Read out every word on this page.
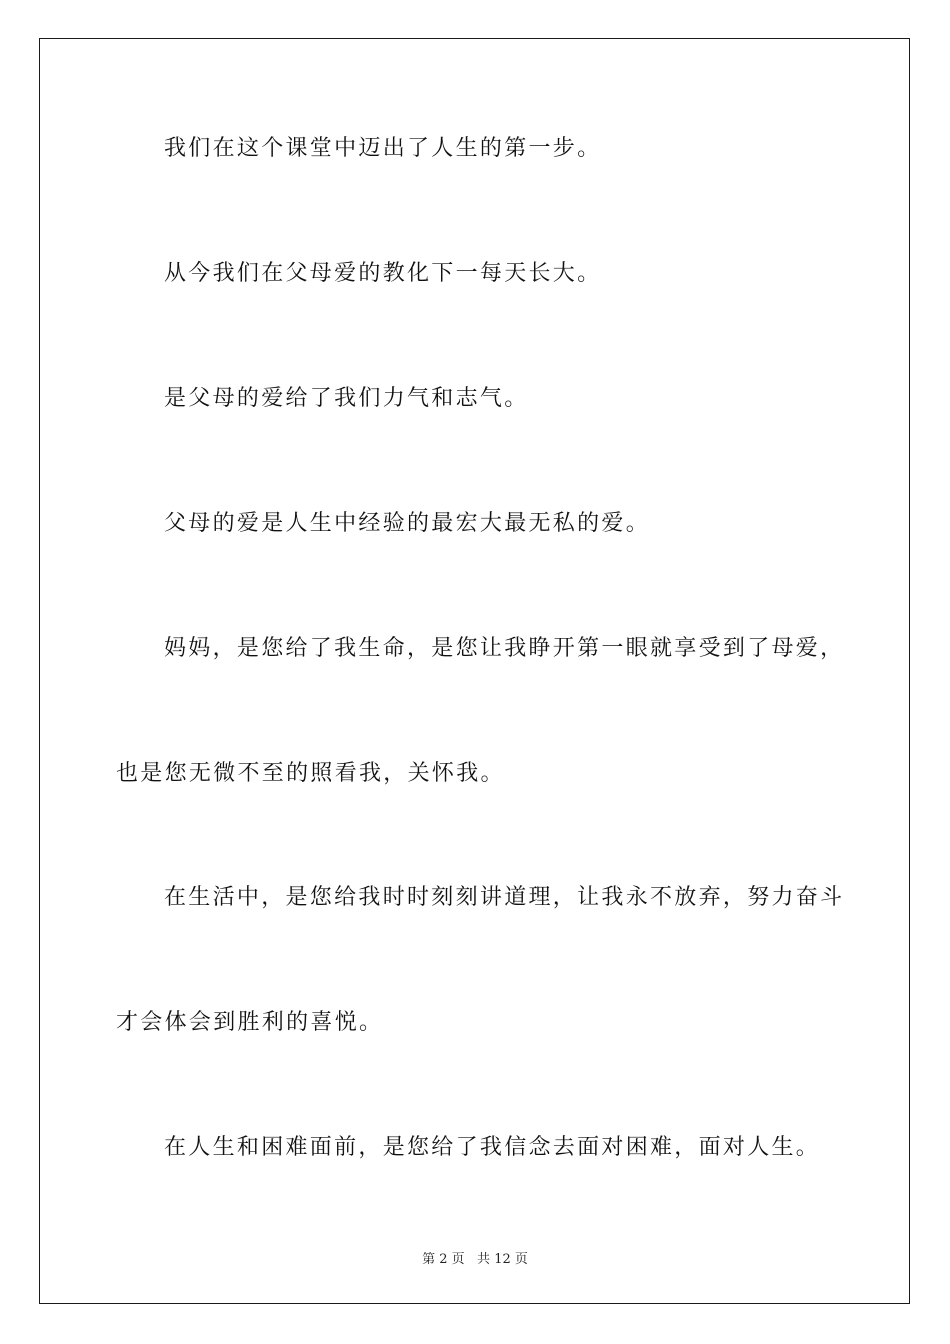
我们在这个课堂中迈出了人生的第一步。

从今我们在父母爱的教化下一每天长大。

是父母的爱给了我们力气和志气。

父母的爱是人生中经验的最宏大最无私的爱。

妈妈，是您给了我生命，是您让我睁开第一眼就享受到了母爱，

也是您无微不至的照看我，关怀我。

在生活中，是您给我时时刻刻讲道理，让我永不放弃，努力奋斗

才会体会到胜利的喜悦。

在人生和困难面前，是您给了我信念去面对困难，面对人生。

第 2 页   共 12 页
